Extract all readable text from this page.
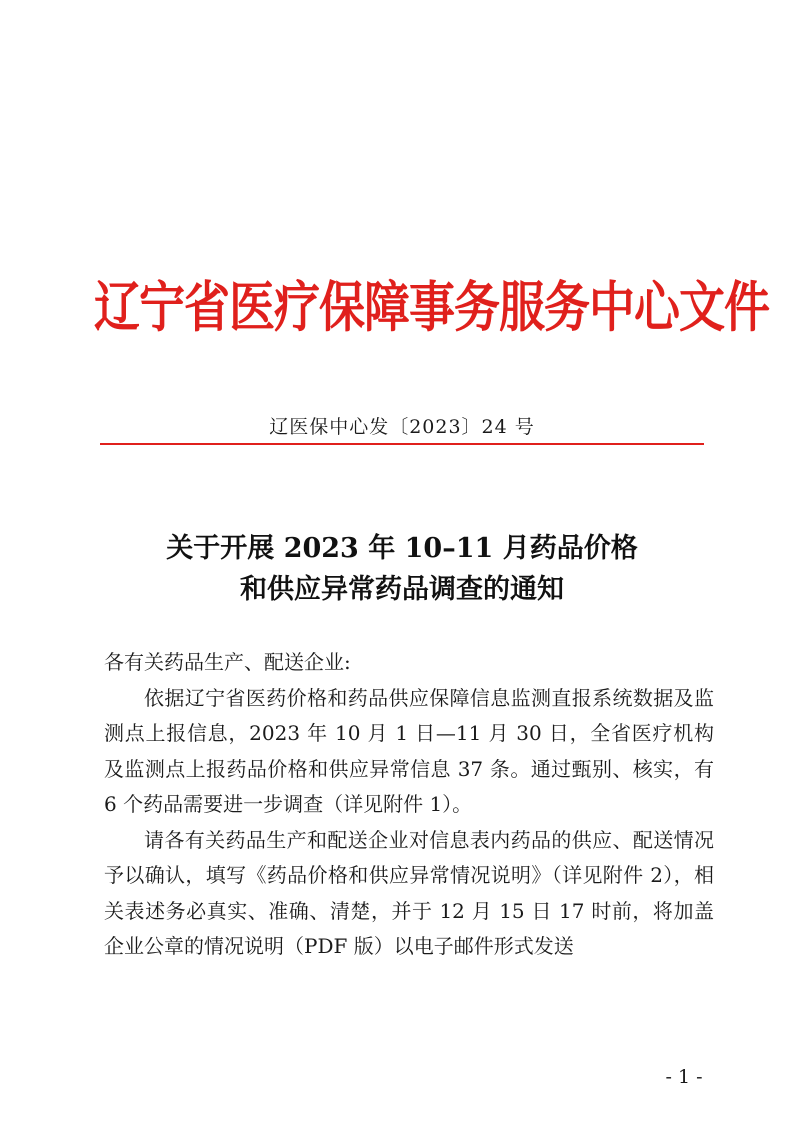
辽宁省医疗保障事务服务中心文件
辽医保中心发〔2023〕24 号
关于开展 2023 年 10–11 月药品价格
和供应异常药品调查的通知

各有关药品生产、配送企业:

依据辽宁省医药价格和药品供应保障信息监测直报系统数据及监测点上报信息，2023 年 10 月 1 日—11 月 30 日，全省医疗机构及监测点上报药品价格和供应异常信息 37 条。通过甄别、核实，有 6 个药品需要进一步调查（详见附件 1）。

请各有关药品生产和配送企业对信息表内药品的供应、配送情况予以确认，填写《药品价格和供应异常情况说明》（详见附件 2），相关表述务必真实、准确、清楚，并于 12 月 15 日 17 时前，将加盖企业公章的情况说明（PDF 版）以电子邮件形式发送

- 1 -
